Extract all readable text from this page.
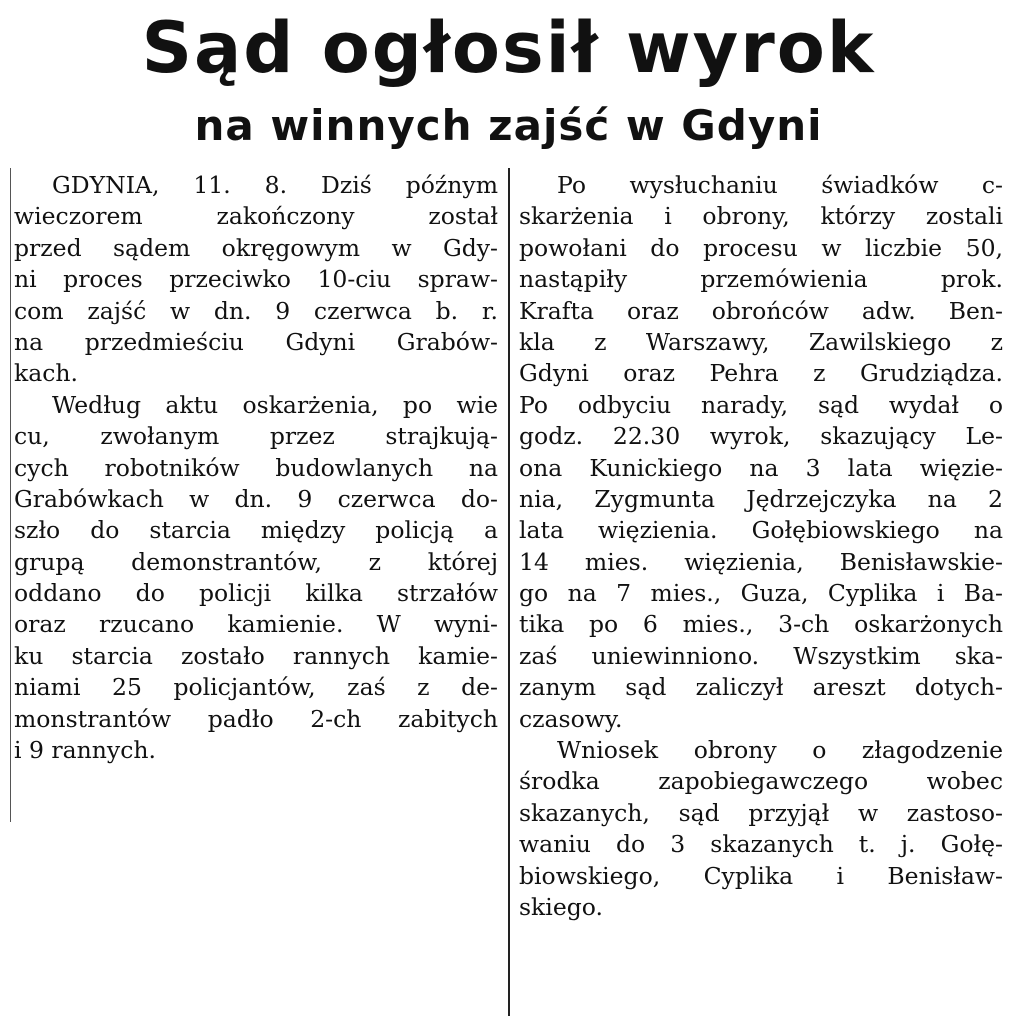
Sąd ogłosił wyrok
na winnych zajść w Gdyni
GDYNIA, 11. 8. Dziś późnym
wieczorem zakończony został
przed sądem okręgowym w Gdy-
ni proces przeciwko 10-ciu spraw-
com zajść w dn. 9 czerwca b. r.
na przedmieściu Gdyni Grabów-
kach.
Według aktu oskarżenia, po wie
cu, zwołanym przez strajkują-
cych robotników budowlanych na
Grabówkach w dn. 9 czerwca do-
szło do starcia między policją a
grupą demonstrantów, z której
oddano do policji kilka strzałów
oraz rzucano kamienie. W wyni-
ku starcia zostało rannych kamie-
niami 25 policjantów, zaś z de-
monstrantów padło 2-ch zabitych
i 9 rannych.
Po wysłuchaniu świadków c-
skarżenia i obrony, którzy zostali
powołani do procesu w liczbie 50,
nastąpiły przemówienia prok.
Krafta oraz obrońców adw. Ben-
kla z Warszawy, Zawilskiego z
Gdyni oraz Pehra z Grudziądza.
Po odbyciu narady, sąd wydał o
godz. 22.30 wyrok, skazujący Le-
ona Kunickiego na 3 lata więzie-
nia, Zygmunta Jędrzejczyka na 2
lata więzienia. Gołębiowskiego na
14 mies. więzienia, Benisławskie-
go na 7 mies., Guza, Cyplika i Ba-
tika po 6 mies., 3-ch oskarżonych
zaś uniewinniono. Wszystkim ska-
zanym sąd zaliczył areszt dotych-
czasowy.
Wniosek obrony o złagodzenie
środka zapobiegawczego wobec
skazanych, sąd przyjął w zastoso-
waniu do 3 skazanych t. j. Gołę-
biowskiego, Cyplika i Benisław-
skiego.
